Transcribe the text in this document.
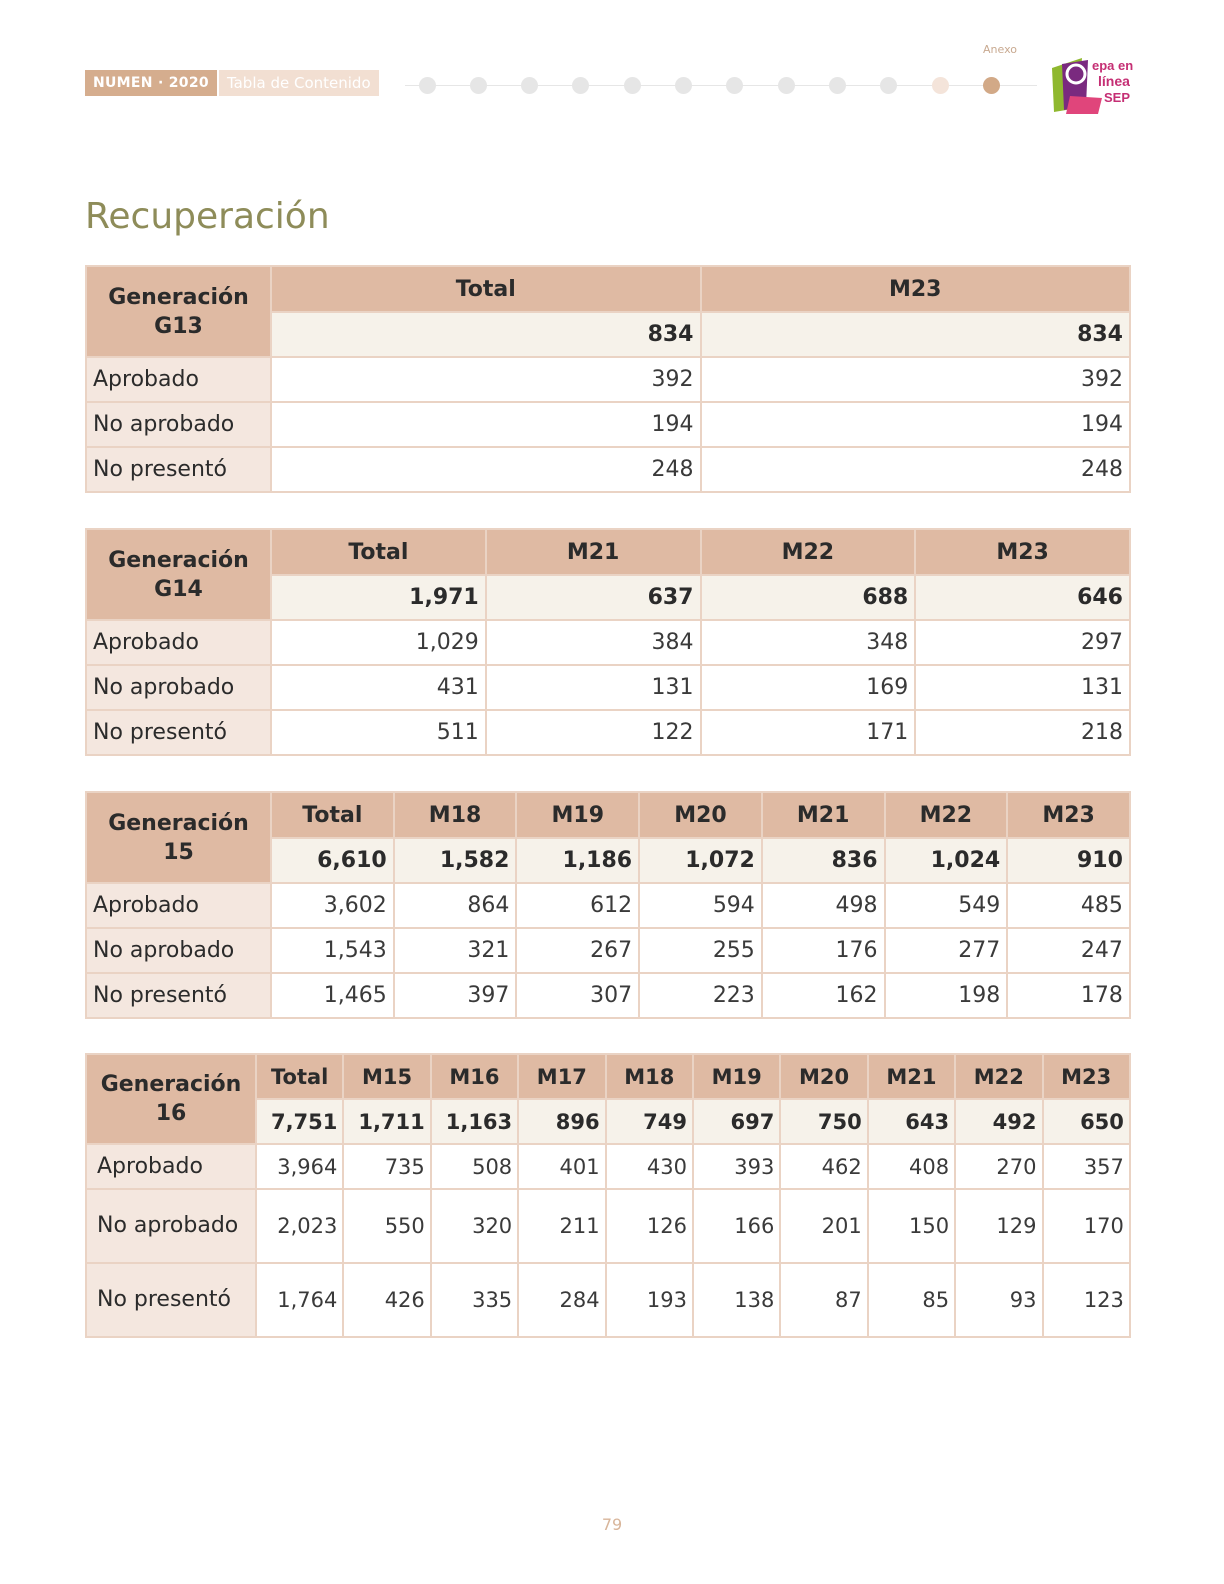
NUMEN · 2020	Tabla de Contenido
Anexo
epa en
línea
SEP
Recuperación
Generación G13	Total	M23
	834	834
Aprobado	392	392
No aprobado	194	194
No presentó	248	248
Generación G14	Total	M21	M22	M23
	1,971	637	688	646
Aprobado	1,029	384	348	297
No aprobado	431	131	169	131
No presentó	511	122	171	218
Generación 15	Total	M18	M19	M20	M21	M22	M23
	6,610	1,582	1,186	1,072	836	1,024	910
Aprobado	3,602	864	612	594	498	549	485
No aprobado	1,543	321	267	255	176	277	247
No presentó	1,465	397	307	223	162	198	178
Generación 16	Total	M15	M16	M17	M18	M19	M20	M21	M22	M23
	7,751	1,711	1,163	896	749	697	750	643	492	650
Aprobado	3,964	735	508	401	430	393	462	408	270	357
No aprobado	2,023	550	320	211	126	166	201	150	129	170
No presentó	1,764	426	335	284	193	138	87	85	93	123
79
